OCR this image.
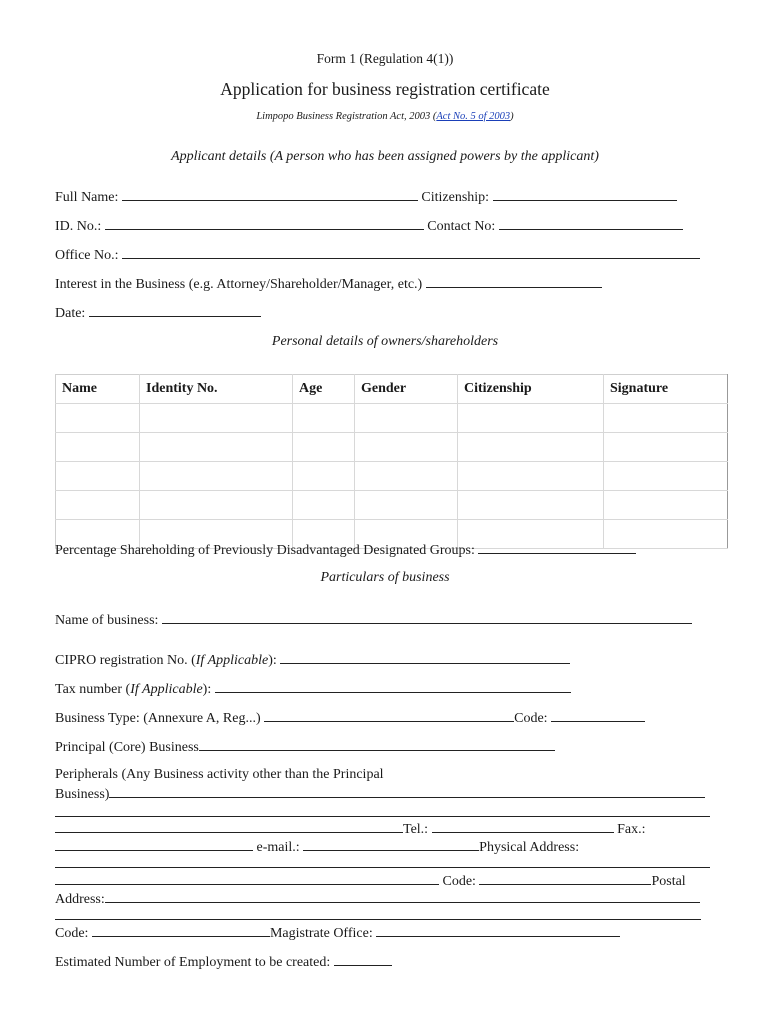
Form 1 (Regulation 4(1))
Application for business registration certificate
Limpopo Business Registration Act, 2003 (Act No. 5 of 2003)
Applicant details (A person who has been assigned powers by the applicant)
Full Name:	Citizenship:
ID. No.:	Contact No:
Office No.:
Interest in the Business (e.g. Attorney/Shareholder/Manager, etc.)
Date:
Personal details of owners/shareholders
Name	Identity No.	Age	Gender	Citizenship	Signature

Percentage Shareholding of Previously Disadvantaged Designated Groups:
Particulars of business
Name of business:
CIPRO registration No. (If Applicable):
Tax number (If Applicable):
Business Type: (Annexure A, Reg...)	Code:
Principal (Core) Business
Peripherals (Any Business activity other than the Principal
Business)
Tel.:	Fax.:
e-mail.:	Physical Address:
Code:	Postal
Address:
Code:	Magistrate Office:
Estimated Number of Employment to be created:
